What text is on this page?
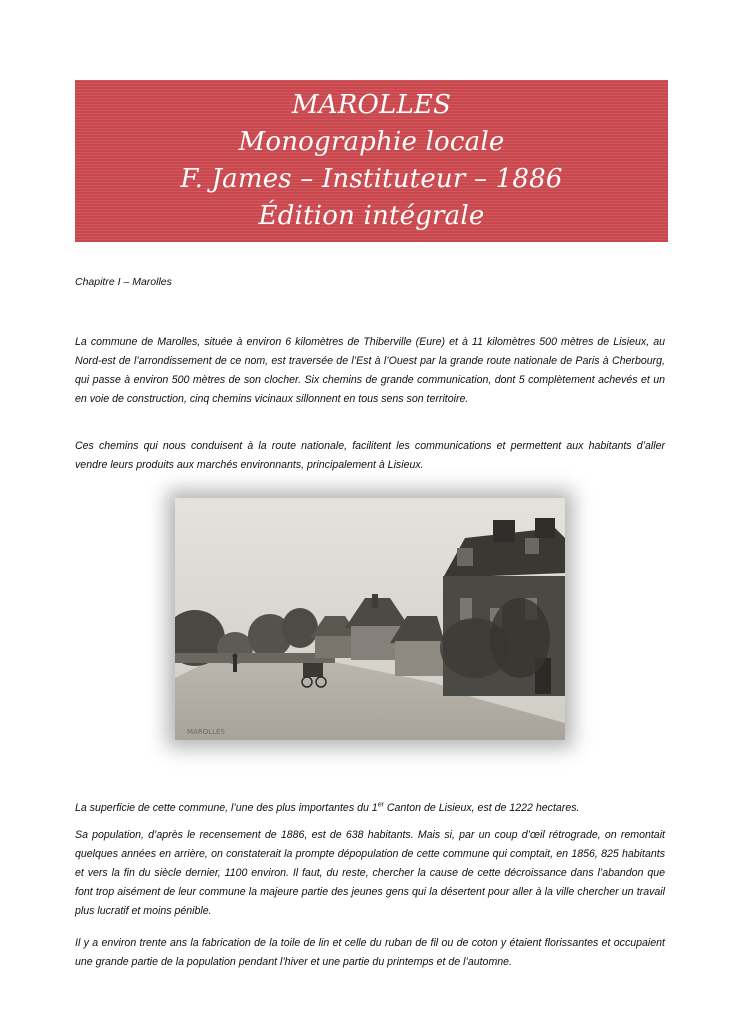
MAROLLES
Monographie locale
F. James – Instituteur – 1886
Édition intégrale
Chapitre I – Marolles

La commune de Marolles, située à environ 6 kilomètres de Thiberville (Eure) et à 11 kilomètres 500 mètres de Lisieux, au Nord-est de l’arrondissement de ce nom, est traversée de l’Est à l’Ouest par la grande route nationale de Paris à Cherbourg, qui passe à environ 500 mètres de son clocher. Six chemins de grande communication, dont 5 complètement achevés et un en voie de construction, cinq chemins vicinaux sillonnent en tous sens son territoire.

Ces chemins qui nous conduisent à la route nationale, facilitent les communications et permettent aux habitants d’aller vendre leurs produits aux marchés environnants, principalement à Lisieux.

MAROLLES

La superficie de cette commune, l’une des plus importantes du 1er Canton de Lisieux, est de 1222 hectares.

Sa population, d’après le recensement de 1886, est de 638 habitants. Mais si, par un coup d’œil rétrograde, on remontait quelques années en arrière, on constaterait la prompte dépopulation de cette commune qui comptait, en 1856, 825 habitants et vers la fin du siècle dernier, 1100 environ. Il faut, du reste, chercher la cause de cette décroissance dans l’abandon que font trop aisément de leur commune la majeure partie des jeunes gens qui la désertent pour aller à la ville chercher un travail plus lucratif et moins pénible.

Il y a environ trente ans la fabrication de la toile de lin et celle du ruban de fil ou de coton y étaient florissantes et occupaient une grande partie de la population pendant l’hiver et une partie du printemps et de l’automne.
